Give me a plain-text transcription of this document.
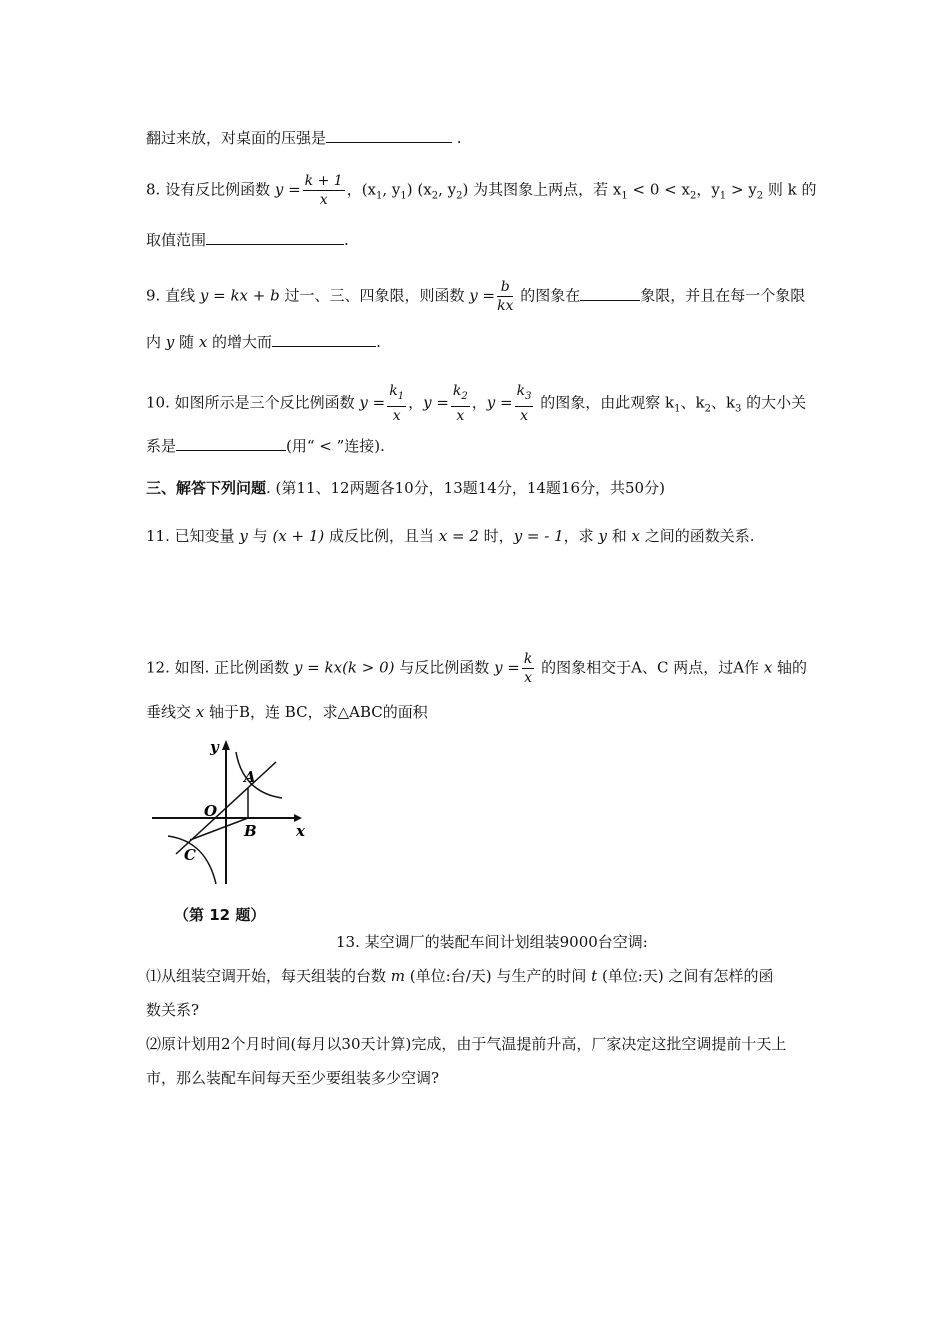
翻过来放，对桌面的压强是	.
8. 设有反比例函数 $y = \frac{k + 1}{x}$ ，($x_1$, $y_1$) ($x_2$, $y_2$) 为其图象上两点，若 $x_1 < 0 < x_2$，$y_1 > y_2$ 则 k 的
取值范围	.
9. 直线 y = kx + b 过一、三、四象限，则函数 $y = \frac{b}{kx}$ 的图象在	象限，并且在每一个象限
内 y 随 x 的增大而	.
10. 如图所示是三个反比例函数 $y = \frac{k_1}{x}$ ，$y = \frac{k_2}{x}$ ，$y = \frac{k_3}{x}$ 的图象，由此观察 $k_1$、$k_2$、$k_3$ 的大小关
系是	(用“ < ”连接).
三、解答下列问题. (第11、12两题各10分，13题14分，14题16分，共50分)
11. 已知变量 y 与 (x + 1) 成反比例，且当 x = 2 时，y = - 1，求 y 和 x 之间的函数关系.
12. 如图. 正比例函数 y = kx(k > 0) 与反比例函数 $y = \frac{k}{x}$ 的图象相交于A、C 两点，过A作 x 轴的
垂线交 x 轴于B，连 BC，求△ABC的面积
y
x
O
A
B
C
（第 12 题）
13. 某空调厂的装配车间计划组装9000台空调:
⑴从组装空调开始，每天组装的台数 m (单位:台/天) 与生产的时间 t (单位:天) 之间有怎样的函
数关系?
⑵原计划用2个月时间(每月以30天计算)完成，由于气温提前升高，厂家决定这批空调提前十天上
市，那么装配车间每天至少要组装多少空调?
